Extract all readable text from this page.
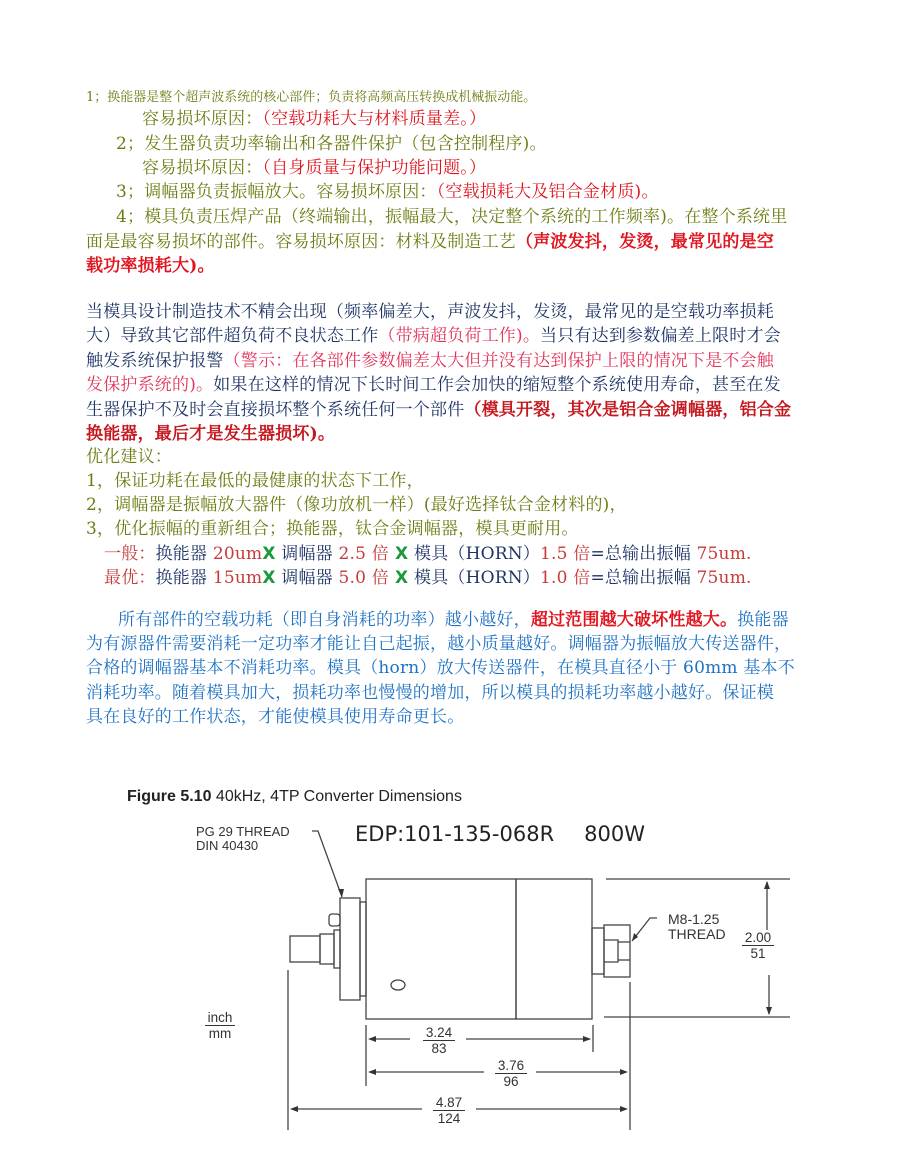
1；换能器是整个超声波系统的核心部件；负责将高频高压转换成机械振动能。
容易损坏原因：（空载功耗大与材料质量差。）
2；发生器负责功率输出和各器件保护（包含控制程序)。
容易损坏原因：（自身质量与保护功能问题。）
3；调幅器负责振幅放大。容易损坏原因：（空载损耗大及铝合金材质)。
4；模具负责压焊产品（终端输出，振幅最大，决定整个系统的工作频率)。在整个系统里
面是最容易损坏的部件。容易损坏原因：材料及制造工艺（声波发抖，发烫，最常见的是空
载功率损耗大)。
当模具设计制造技术不精会出现（频率偏差大，声波发抖，发烫，最常见的是空载功率损耗
大）导致其它部件超负荷不良状态工作（带病超负荷工作)。当只有达到参数偏差上限时才会
触发系统保护报警（警示：在各部件参数偏差太大但并没有达到保护上限的情况下是不会触
发保护系统的)。如果在这样的情况下长时间工作会加快的缩短整个系统使用寿命，甚至在发
生器保护不及时会直接损坏整个系统任何一个部件（模具开裂，其次是铝合金调幅器，铝合金
换能器，最后才是发生器损坏)。
优化建议：
1，保证功耗在最低的最健康的状态下工作，
2，调幅器是振幅放大器件（像功放机一样）(最好选择钛合金材料的)，
3，优化振幅的重新组合；换能器，钛合金调幅器，模具更耐用。
一般：换能器 20umX 调幅器 2.5 倍 X 模具（HORN）1.5 倍=总输出振幅 75um.
最优：换能器 15umX 调幅器 5.0 倍 X 模具（HORN）1.0 倍=总输出振幅 75um.
所有部件的空载功耗（即自身消耗的功率）越小越好，超过范围越大破坏性越大。换能器
为有源器件需要消耗一定功率才能让自己起振，越小质量越好。调幅器为振幅放大传送器件，
合格的调幅器基本不消耗功率。模具（horn）放大传送器件，在模具直径小于 60mm 基本不
消耗功率。随着模具加大，损耗功率也慢慢的增加，所以模具的损耗功率越小越好。保证模
具在良好的工作状态，才能使模具使用寿命更长。
Figure 5.10 40kHz, 4TP Converter Dimensions
EDP:101-135-068R 800W
PG 29 THREAD
DIN 40430
M8-1.25
THREAD
inch
mm
2.00
51
3.24
83
3.76
96
4.87
124
